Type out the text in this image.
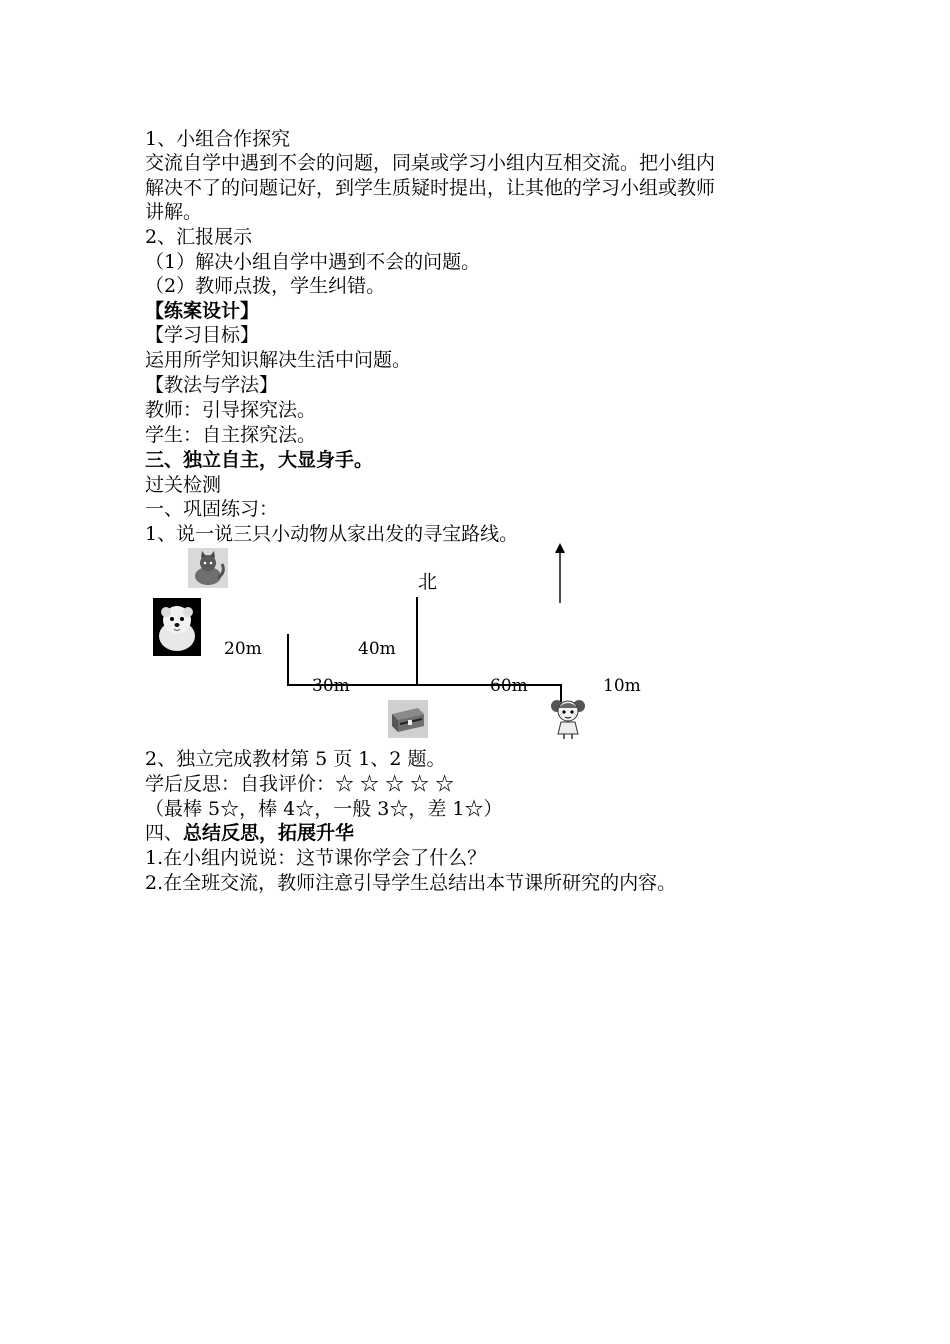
1、小组合作探究
交流自学中遇到不会的问题，同桌或学习小组内互相交流。把小组内
解决不了的问题记好，到学生质疑时提出，让其他的学习小组或教师
讲解。
2、汇报展示
（1）解决小组自学中遇到不会的问题。
（2）教师点拨，学生纠错。
【练案设计】
【学习目标】
运用所学知识解决生活中问题。
【教法与学法】
教师：引导探究法。
学生：自主探究法。
三、独立自主，大显身手。
过关检测
一、巩固练习：
1、说一说三只小动物从家出发的寻宝路线。
北
20m	40m
30m	60m	10m
2、独立完成教材第 5 页 1、2 题。
学后反思：自我评价：☆ ☆ ☆ ☆ ☆
（最棒 5☆，棒 4☆，一般 3☆，差 1☆）
四、总结反思，拓展升华
1.在小组内说说：这节课你学会了什么？
2.在全班交流，教师注意引导学生总结出本节课所研究的内容。
